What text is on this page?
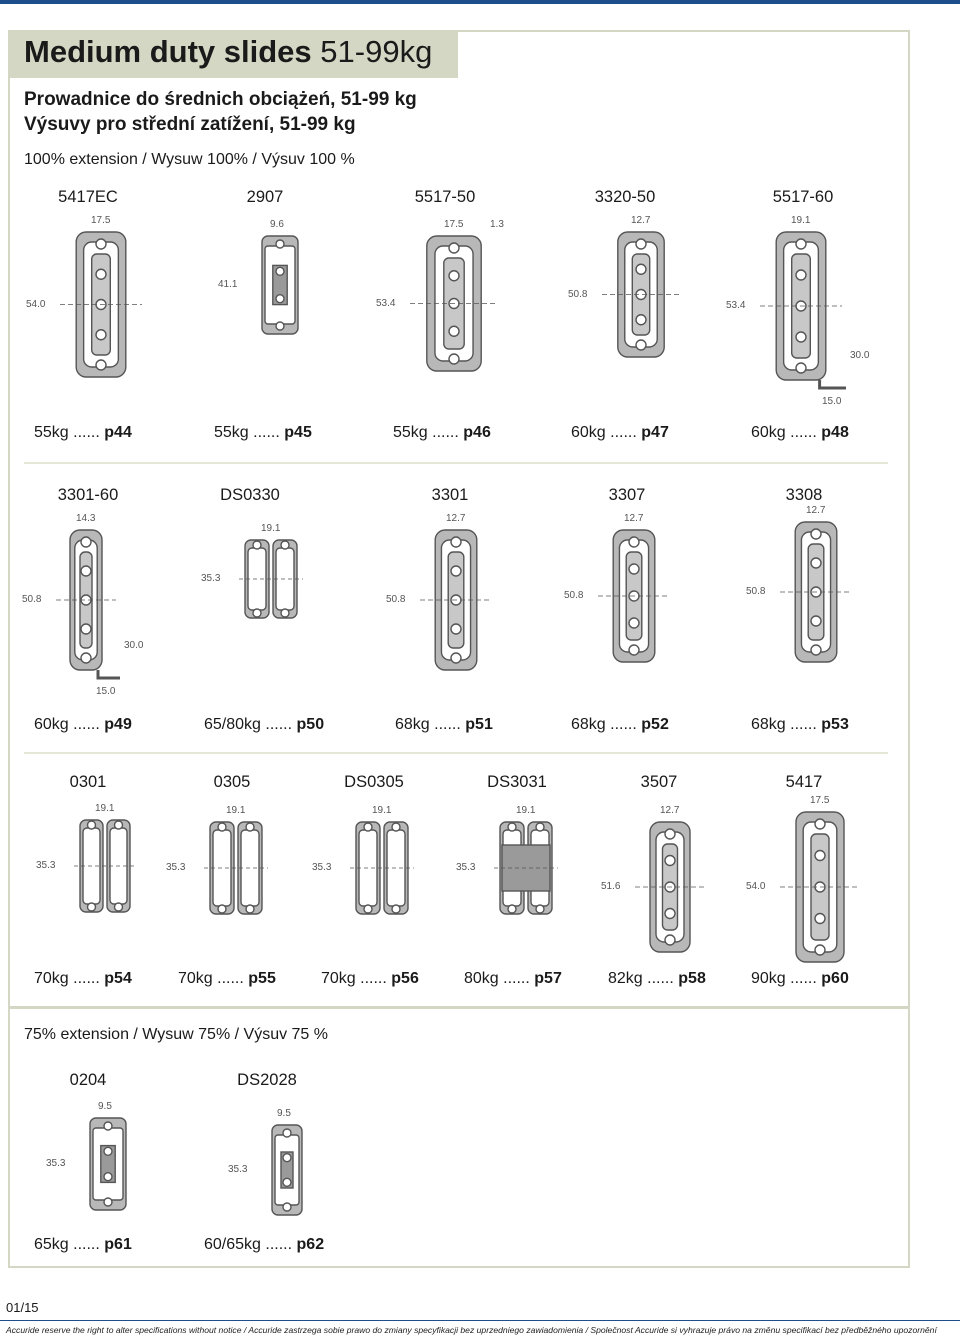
Medium duty slides 51-99kg
Prowadnice do średnich obciążeń, 51-99 kg
Výsuvy pro střední zatížení, 51-99 kg
100% extension / Wysuw 100% / Výsuv 100 %
75% extension / Wysuw 75% / Výsuv 75 %
5417EC
17.5
54.0
55kg ...... p44
2907
9.6
41.1
55kg ...... p45
5517-50
17.5	1.3
53.4
55kg ...... p46
3320-50
12.7
50.8
60kg ...... p47
5517-60
19.1
53.4
30.0
15.0
60kg ...... p48
3301-60
14.3
50.8
30.0
15.0
60kg ...... p49
DS0330
19.1
35.3
65/80kg ...... p50
3301
12.7
50.8
68kg ...... p51
3307
12.7
50.8
68kg ...... p52
3308
12.7
50.8
68kg ...... p53
0301
19.1
35.3
70kg ...... p54
0305
19.1
35.3
70kg ...... p55
DS0305
19.1
35.3
70kg ...... p56
DS3031
19.1
35.3
80kg ...... p57
3507
12.7
51.6
82kg ...... p58
5417
17.5
54.0
90kg ...... p60
0204
9.5
35.3
65kg ...... p61
DS2028
9.5
35.3
60/65kg ...... p62
01/15
Accuride reserve the right to alter specifications without notice / Accuride zastrzega sobie prawo do zmiany specyfikacji bez uprzedniego zawiadomienia / Společnost Accuride si vyhrazuje právo na změnu specifikací bez předběžného upozornění
